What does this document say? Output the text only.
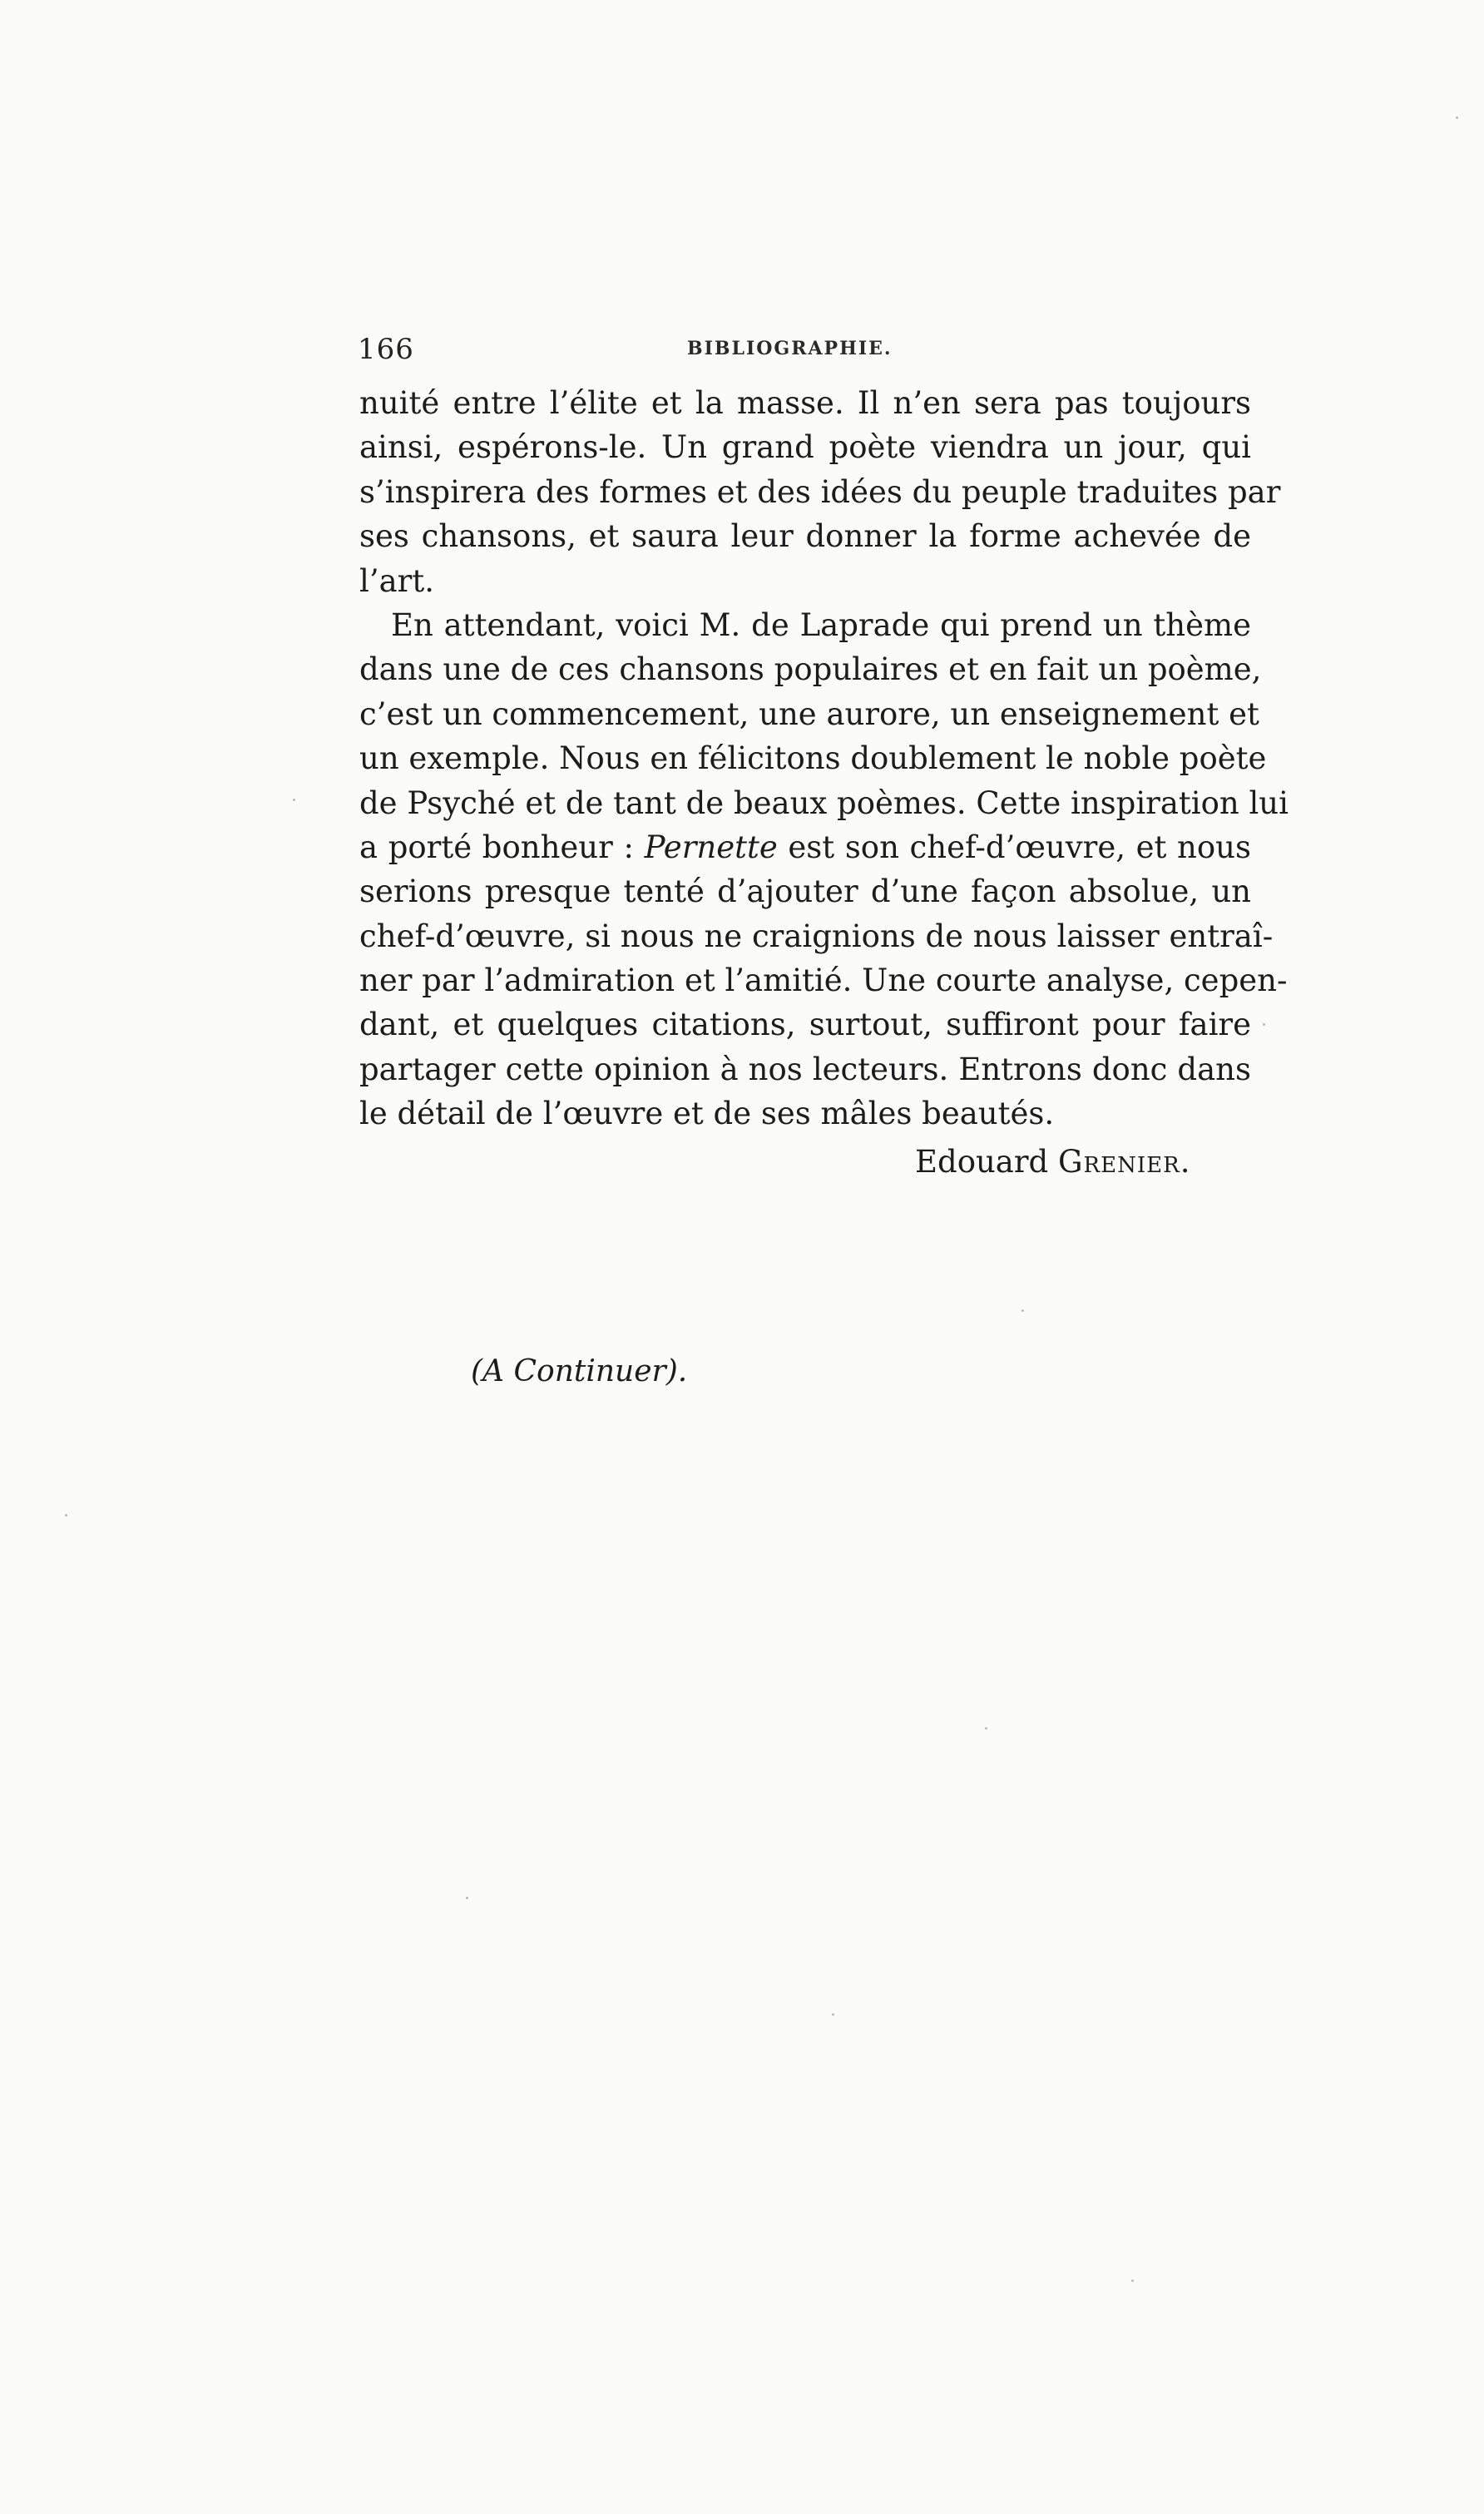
166	BIBLIOGRAPHIE.
nuité entre l’élite et la masse. Il n’en sera pas toujours
ainsi, espérons-le. Un grand poète viendra un jour, qui
s’inspirera des formes et des idées du peuple traduites par
ses chansons, et saura leur donner la forme achevée de
l’art.
En attendant, voici M. de Laprade qui prend un thème
dans une de ces chansons populaires et en fait un poème,
c’est un commencement, une aurore, un enseignement et
un exemple. Nous en félicitons doublement le noble poète
de Psyché et de tant de beaux poèmes. Cette inspiration lui
a porté bonheur : Pernette est son chef-d’œuvre, et nous
serions presque tenté d’ajouter d’une façon absolue, un
chef-d’œuvre, si nous ne craignions de nous laisser entraî-
ner par l’admiration et l’amitié. Une courte analyse, cepen-
dant, et quelques citations, surtout, suffiront pour faire
partager cette opinion à nos lecteurs. Entrons donc dans
le détail de l’œuvre et de ses mâles beautés.
Edouard Grenier.
(A Continuer).
